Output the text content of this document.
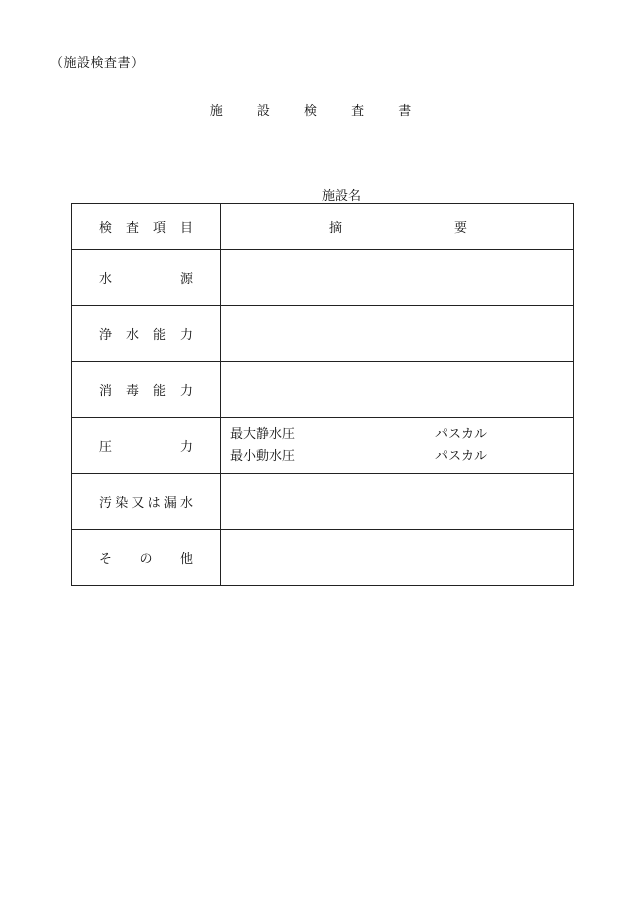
（施設検査書）
施 設 検 査 書
施設名
検 査 項 目	摘 要
水 源	
浄 水 能 力	
消 毒 能 力	
圧 力	最大静水圧 パスカル
最小動水圧 パスカル

汚染又は漏水	
そ の 他	
